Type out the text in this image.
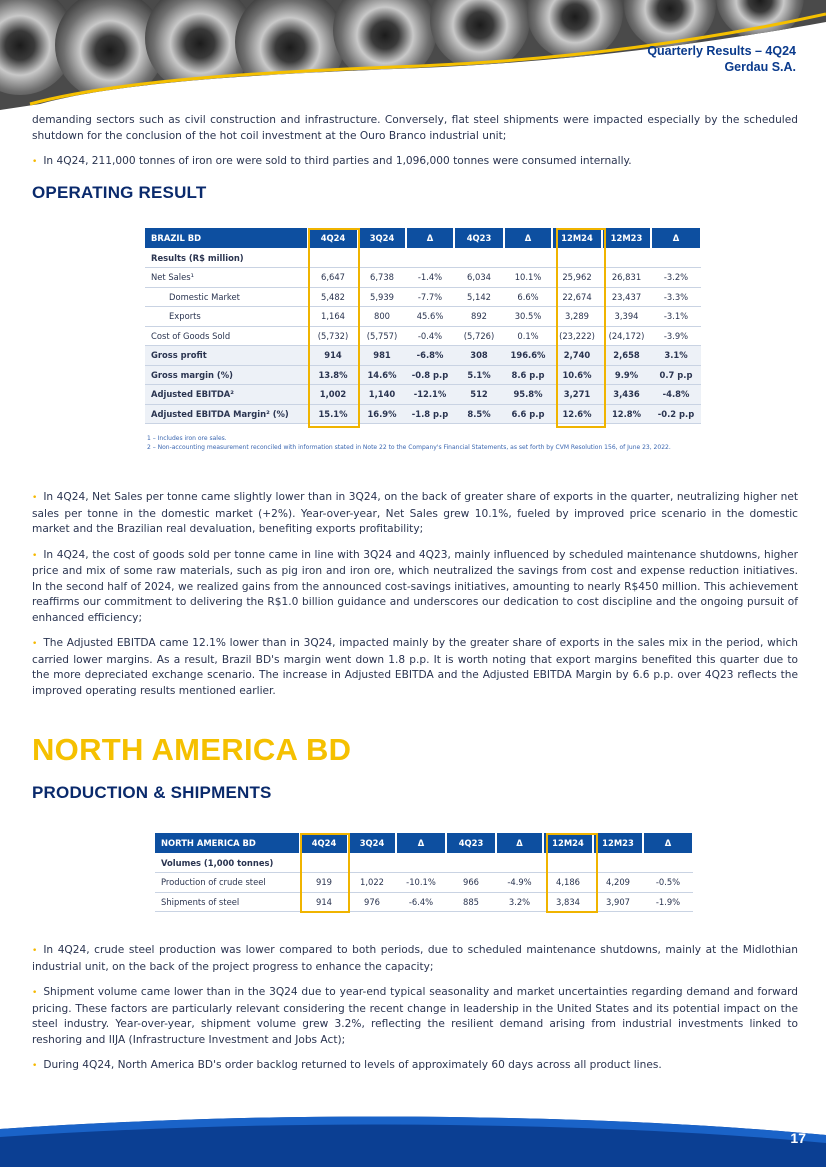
Quarterly Results – 4Q24
Gerdau S.A.

demanding sectors such as civil construction and infrastructure. Conversely, flat steel shipments were impacted especially by the scheduled shutdown for the conclusion of the hot coil investment at the Ouro Branco industrial unit;

• In 4Q24, 211,000 tonnes of iron ore were sold to third parties and 1,096,000 tonnes were consumed internally.

OPERATING RESULT
BRAZIL BD	4Q24	3Q24	Δ	4Q23	Δ	12M24	12M23	Δ
Results (R$ million)								
Net Sales¹	6,647	6,738	-1.4%	6,034	10.1%	25,962	26,831	-3.2%
Domestic Market	5,482	5,939	-7.7%	5,142	6.6%	22,674	23,437	-3.3%
Exports	1,164	800	45.6%	892	30.5%	3,289	3,394	-3.1%
Cost of Goods Sold	(5,732)	(5,757)	-0.4%	(5,726)	0.1%	(23,222)	(24,172)	-3.9%
Gross profit	914	981	-6.8%	308	196.6%	2,740	2,658	3.1%
Gross margin (%)	13.8%	14.6%	-0.8 p.p	5.1%	8.6 p.p	10.6%	9.9%	0.7 p.p
Adjusted EBITDA²	1,002	1,140	-12.1%	512	95.8%	3,271	3,436	-4.8%
Adjusted EBITDA Margin² (%)	15.1%	16.9%	-1.8 p.p	8.5%	6.6 p.p	12.6%	12.8%	-0.2 p.p
1 – Includes iron ore sales.
2 – Non-accounting measurement reconciled with information stated in Note 22 to the Company's Financial Statements, as set forth by CVM Resolution 156, of June 23, 2022.

• In 4Q24, Net Sales per tonne came slightly lower than in 3Q24, on the back of greater share of exports in the quarter, neutralizing higher net sales per tonne in the domestic market (+2%). Year-over-year, Net Sales grew 10.1%, fueled by improved price scenario in the domestic market and the Brazilian real devaluation, benefiting exports profitability;

• In 4Q24, the cost of goods sold per tonne came in line with 3Q24 and 4Q23, mainly influenced by scheduled maintenance shutdowns, higher price and mix of some raw materials, such as pig iron and iron ore, which neutralized the savings from cost and expense reduction initiatives. In the second half of 2024, we realized gains from the announced cost-savings initiatives, amounting to nearly R$450 million. This achievement reaffirms our commitment to delivering the R$1.0 billion guidance and underscores our dedication to cost discipline and the ongoing pursuit of enhanced efficiency;

• The Adjusted EBITDA came 12.1% lower than in 3Q24, impacted mainly by the greater share of exports in the sales mix in the period, which carried lower margins. As a result, Brazil BD's margin went down 1.8 p.p. It is worth noting that export margins benefited this quarter due to the more depreciated exchange scenario. The increase in Adjusted EBITDA and the Adjusted EBITDA Margin by 6.6 p.p. over 4Q23 reflects the improved operating results mentioned earlier.

NORTH AMERICA BD
PRODUCTION & SHIPMENTS
NORTH AMERICA BD	4Q24	3Q24	Δ	4Q23	Δ	12M24	12M23	Δ
Volumes (1,000 tonnes)								
Production of crude steel	919	1,022	-10.1%	966	-4.9%	4,186	4,209	-0.5%
Shipments of steel	914	976	-6.4%	885	3.2%	3,834	3,907	-1.9%

• In 4Q24, crude steel production was lower compared to both periods, due to scheduled maintenance shutdowns, mainly at the Midlothian industrial unit, on the back of the project progress to enhance the capacity;

• Shipment volume came lower than in the 3Q24 due to year-end typical seasonality and market uncertainties regarding demand and forward pricing. These factors are particularly relevant considering the recent change in leadership in the United States and its potential impact on the steel industry. Year-over-year, shipment volume grew 3.2%, reflecting the resilient demand arising from industrial investments linked to reshoring and IIJA (Infrastructure Investment and Jobs Act);

• During 4Q24, North America BD's order backlog returned to levels of approximately 60 days across all product lines.

17
